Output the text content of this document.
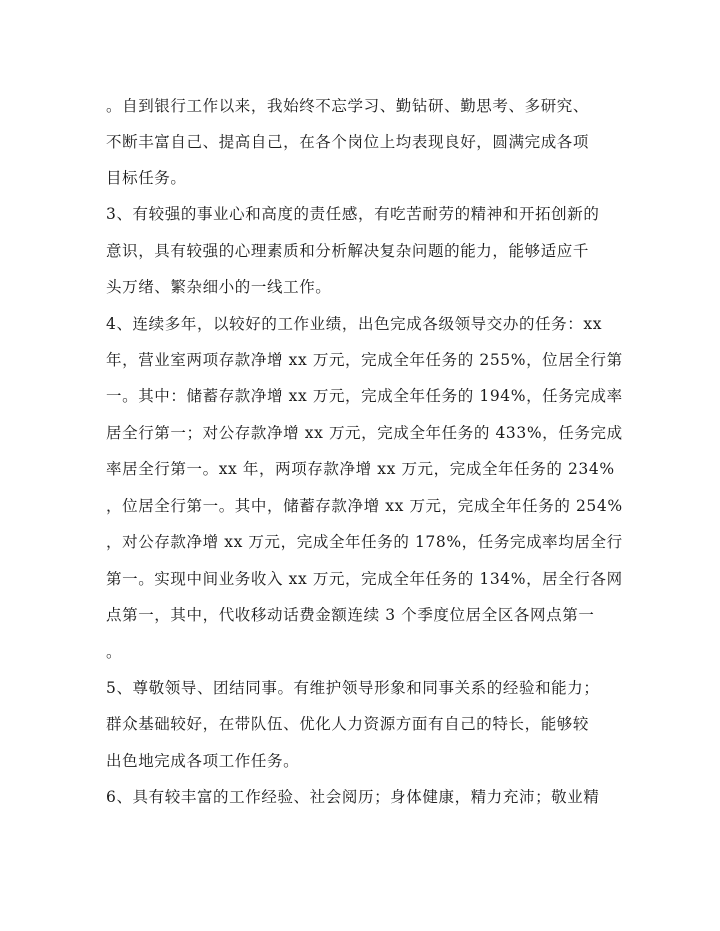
。自到银行工作以来，我始终不忘学习、勤钻研、勤思考、多研究、
不断丰富自己、提高自己，在各个岗位上均表现良好，圆满完成各项
目标任务。
3、有较强的事业心和高度的责任感，有吃苦耐劳的精神和开拓创新的
意识，具有较强的心理素质和分析解决复杂问题的能力，能够适应千
头万绪、繁杂细小的一线工作。
4、连续多年，以较好的工作业绩，出色完成各级领导交办的任务：xx
年，营业室两项存款净增 xx 万元，完成全年任务的 255%，位居全行第
一。其中：储蓄存款净增 xx 万元，完成全年任务的 194%，任务完成率
居全行第一；对公存款净增 xx 万元，完成全年任务的 433%，任务完成
率居全行第一。xx 年，两项存款净增 xx 万元，完成全年任务的 234%
，位居全行第一。其中，储蓄存款净增 xx 万元，完成全年任务的 254%
，对公存款净增 xx 万元，完成全年任务的 178%，任务完成率均居全行
第一。实现中间业务收入 xx 万元，完成全年任务的 134%，居全行各网
点第一，其中，代收移动话费金额连续 3 个季度位居全区各网点第一
。
5、尊敬领导、团结同事。有维护领导形象和同事关系的经验和能力；
群众基础较好，在带队伍、优化人力资源方面有自己的特长，能够较
出色地完成各项工作任务。
6、具有较丰富的工作经验、社会阅历；身体健康，精力充沛；敬业精
